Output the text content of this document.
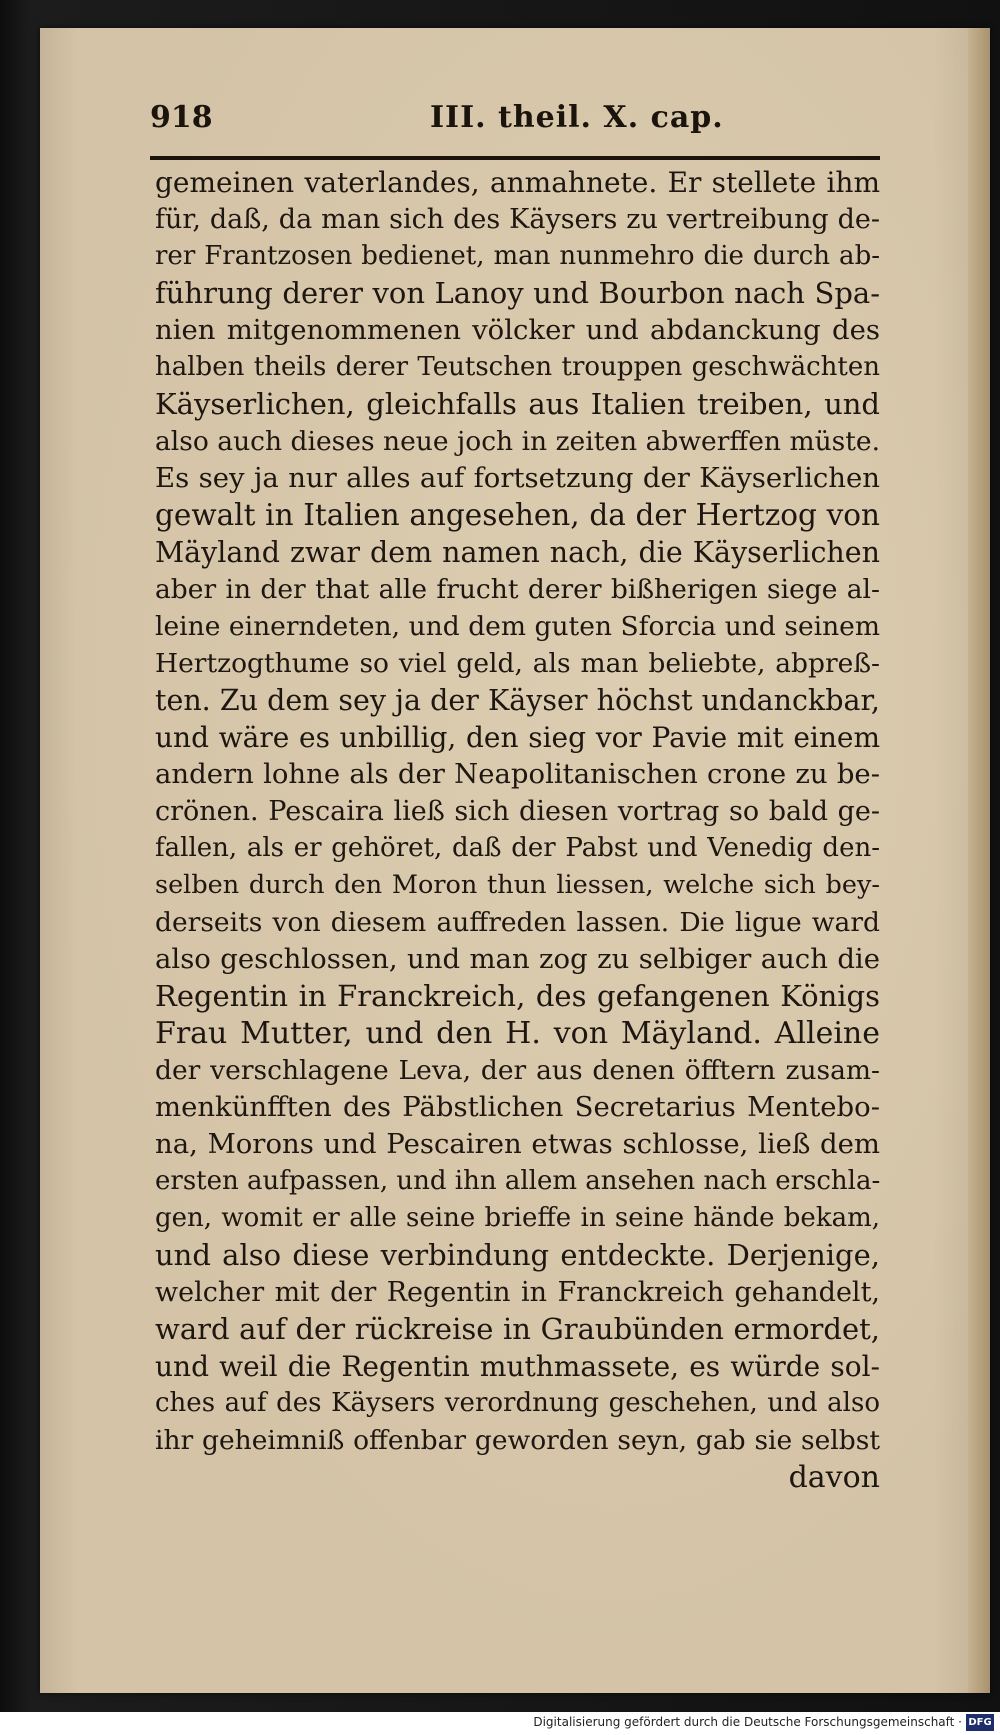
918	III. theil. X. cap.
gemeinen vaterlandes, anmahnete. Er stellete ihm
für, daß, da man sich des Käysers zu vertreibung de-
rer Frantzosen bedienet, man nunmehro die durch ab-
führung derer von Lanoy und Bourbon nach Spa-
nien mitgenommenen völcker und abdanckung des
halben theils derer Teutschen trouppen geschwächten
Käyserlichen, gleichfalls aus Italien treiben, und
also auch dieses neue joch in zeiten abwerffen müste.
Es sey ja nur alles auf fortsetzung der Käyserlichen
gewalt in Italien angesehen, da der Hertzog von
Mäyland zwar dem namen nach, die Käyserlichen
aber in der that alle frucht derer bißherigen siege al-
leine einerndeten, und dem guten Sforcia und seinem
Hertzogthume so viel geld, als man beliebte, abpreß-
ten. Zu dem sey ja der Käyser höchst undanckbar,
und wäre es unbillig, den sieg vor Pavie mit einem
andern lohne als der Neapolitanischen crone zu be-
crönen. Pescaira ließ sich diesen vortrag so bald ge-
fallen, als er gehöret, daß der Pabst und Venedig den-
selben durch den Moron thun liessen, welche sich bey-
derseits von diesem auffreden lassen. Die ligue ward
also geschlossen, und man zog zu selbiger auch die
Regentin in Franckreich, des gefangenen Königs
Frau Mutter, und den H. von Mäyland. Alleine
der verschlagene Leva, der aus denen öfftern zusam-
menkünfften des Päbstlichen Secretarius Mentebo-
na, Morons und Pescairen etwas schlosse, ließ dem
ersten aufpassen, und ihn allem ansehen nach erschla-
gen, womit er alle seine brieffe in seine hände bekam,
und also diese verbindung entdeckte. Derjenige,
welcher mit der Regentin in Franckreich gehandelt,
ward auf der rückreise in Graubünden ermordet,
und weil die Regentin muthmassete, es würde sol-
ches auf des Käysers verordnung geschehen, und also
ihr geheimniß offenbar geworden seyn, gab sie selbst
davon
Digitalisierung gefördert durch die Deutsche Forschungsgemeinschaft · DFG
